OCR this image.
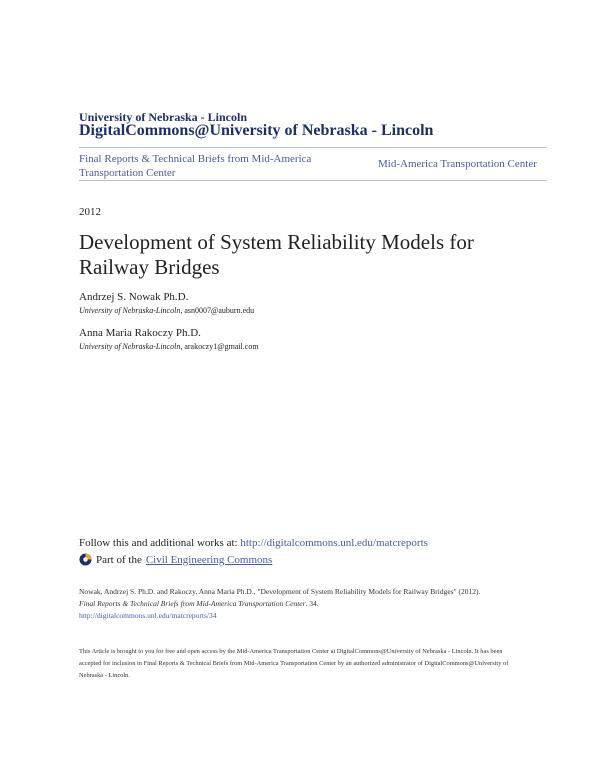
University of Nebraska - Lincoln
DigitalCommons@University of Nebraska - Lincoln
Final Reports & Technical Briefs from Mid-America Transportation Center
Mid-America Transportation Center
2012
Development of System Reliability Models for Railway Bridges
Andrzej S. Nowak Ph.D.
University of Nebraska-Lincoln, asn0007@auburn.edu
Anna Maria Rakoczy Ph.D.
University of Nebraska-Lincoln, arakoczy1@gmail.com
Follow this and additional works at: http://digitalcommons.unl.edu/matcreports
Part of the Civil Engineering Commons
Nowak, Andrzej S. Ph.D. and Rakoczy, Anna Maria Ph.D., "Development of System Reliability Models for Railway Bridges" (2012).
Final Reports & Technical Briefs from Mid-America Transportation Center. 34.
http://digitalcommons.unl.edu/matcreports/34
This Article is brought to you for free and open access by the Mid-America Transportation Center at DigitalCommons@University of Nebraska - Lincoln. It has been accepted for inclusion in Final Reports & Technical Briefs from Mid-America Transportation Center by an authorized administrator of DigitalCommons@University of Nebraska - Lincoln.
